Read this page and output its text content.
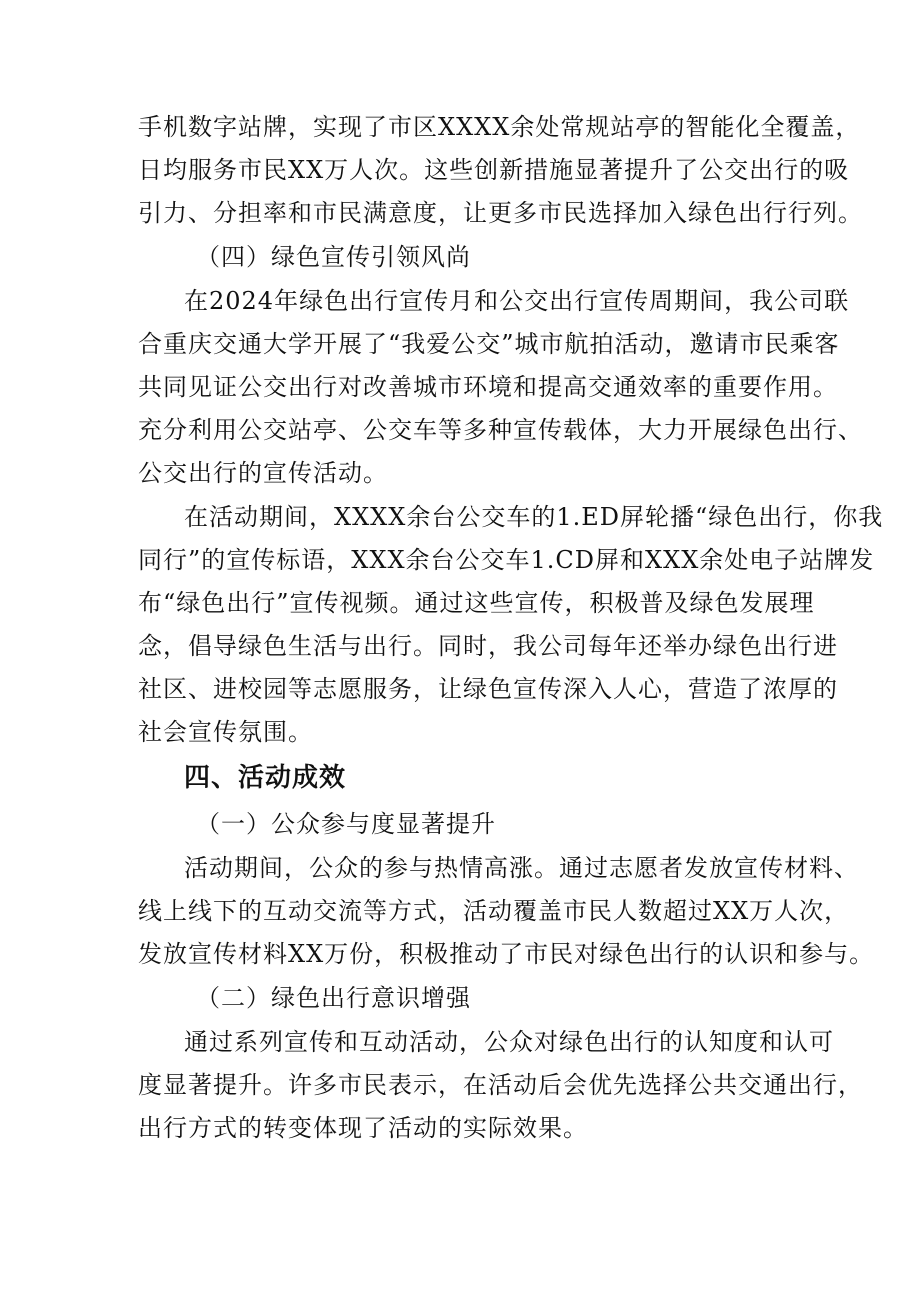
手机数字站牌，实现了市区XXXX余处常规站亭的智能化全覆盖，
日均服务市民XX万人次。这些创新措施显著提升了公交出行的吸
引力、分担率和市民满意度，让更多市民选择加入绿色出行行列。
（四）绿色宣传引领风尚
在2024年绿色出行宣传月和公交出行宣传周期间，我公司联
合重庆交通大学开展了“我爱公交”城市航拍活动，邀请市民乘客
共同见证公交出行对改善城市环境和提高交通效率的重要作用。
充分利用公交站亭、公交车等多种宣传载体，大力开展绿色出行、
公交出行的宣传活动。
在活动期间，XXXX余台公交车的1.ED屏轮播“绿色出行，你我
同行”的宣传标语，XXX余台公交车1.CD屏和XXX余处电子站牌发
布“绿色出行”宣传视频。通过这些宣传，积极普及绿色发展理
念，倡导绿色生活与出行。同时，我公司每年还举办绿色出行进
社区、进校园等志愿服务，让绿色宣传深入人心，营造了浓厚的
社会宣传氛围。
四、活动成效
（一）公众参与度显著提升
活动期间，公众的参与热情高涨。通过志愿者发放宣传材料、
线上线下的互动交流等方式，活动覆盖市民人数超过XX万人次，
发放宣传材料XX万份，积极推动了市民对绿色出行的认识和参与。
（二）绿色出行意识增强
通过系列宣传和互动活动，公众对绿色出行的认知度和认可
度显著提升。许多市民表示，在活动后会优先选择公共交通出行，
出行方式的转变体现了活动的实际效果。
